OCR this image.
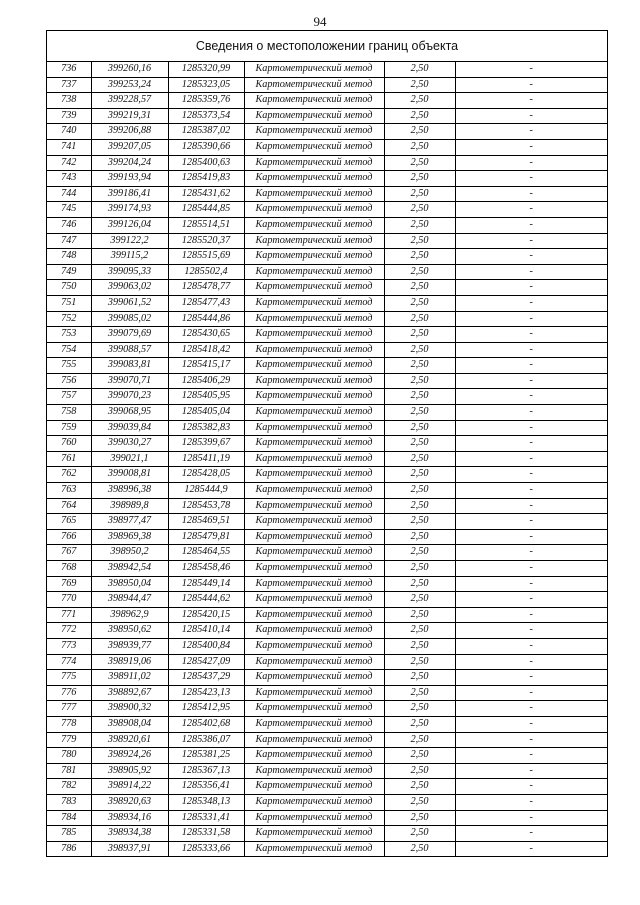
94
Сведения о местоположении границ объекта
736	399260,16	1285320,99	Картометрический метод	2,50	-
737	399253,24	1285323,05	Картометрический метод	2,50	-
738	399228,57	1285359,76	Картометрический метод	2,50	-
739	399219,31	1285373,54	Картометрический метод	2,50	-
740	399206,88	1285387,02	Картометрический метод	2,50	-
741	399207,05	1285390,66	Картометрический метод	2,50	-
742	399204,24	1285400,63	Картометрический метод	2,50	-
743	399193,94	1285419,83	Картометрический метод	2,50	-
744	399186,41	1285431,62	Картометрический метод	2,50	-
745	399174,93	1285444,85	Картометрический метод	2,50	-
746	399126,04	1285514,51	Картометрический метод	2,50	-
747	399122,2	1285520,37	Картометрический метод	2,50	-
748	399115,2	1285515,69	Картометрический метод	2,50	-
749	399095,33	1285502,4	Картометрический метод	2,50	-
750	399063,02	1285478,77	Картометрический метод	2,50	-
751	399061,52	1285477,43	Картометрический метод	2,50	-
752	399085,02	1285444,86	Картометрический метод	2,50	-
753	399079,69	1285430,65	Картометрический метод	2,50	-
754	399088,57	1285418,42	Картометрический метод	2,50	-
755	399083,81	1285415,17	Картометрический метод	2,50	-
756	399070,71	1285406,29	Картометрический метод	2,50	-
757	399070,23	1285405,95	Картометрический метод	2,50	-
758	399068,95	1285405,04	Картометрический метод	2,50	-
759	399039,84	1285382,83	Картометрический метод	2,50	-
760	399030,27	1285399,67	Картометрический метод	2,50	-
761	399021,1	1285411,19	Картометрический метод	2,50	-
762	399008,81	1285428,05	Картометрический метод	2,50	-
763	398996,38	1285444,9	Картометрический метод	2,50	-
764	398989,8	1285453,78	Картометрический метод	2,50	-
765	398977,47	1285469,51	Картометрический метод	2,50	-
766	398969,38	1285479,81	Картометрический метод	2,50	-
767	398950,2	1285464,55	Картометрический метод	2,50	-
768	398942,54	1285458,46	Картометрический метод	2,50	-
769	398950,04	1285449,14	Картометрический метод	2,50	-
770	398944,47	1285444,62	Картометрический метод	2,50	-
771	398962,9	1285420,15	Картометрический метод	2,50	-
772	398950,62	1285410,14	Картометрический метод	2,50	-
773	398939,77	1285400,84	Картометрический метод	2,50	-
774	398919,06	1285427,09	Картометрический метод	2,50	-
775	398911,02	1285437,29	Картометрический метод	2,50	-
776	398892,67	1285423,13	Картометрический метод	2,50	-
777	398900,32	1285412,95	Картометрический метод	2,50	-
778	398908,04	1285402,68	Картометрический метод	2,50	-
779	398920,61	1285386,07	Картометрический метод	2,50	-
780	398924,26	1285381,25	Картометрический метод	2,50	-
781	398905,92	1285367,13	Картометрический метод	2,50	-
782	398914,22	1285356,41	Картометрический метод	2,50	-
783	398920,63	1285348,13	Картометрический метод	2,50	-
784	398934,16	1285331,41	Картометрический метод	2,50	-
785	398934,38	1285331,58	Картометрический метод	2,50	-
786	398937,91	1285333,66	Картометрический метод	2,50	-
